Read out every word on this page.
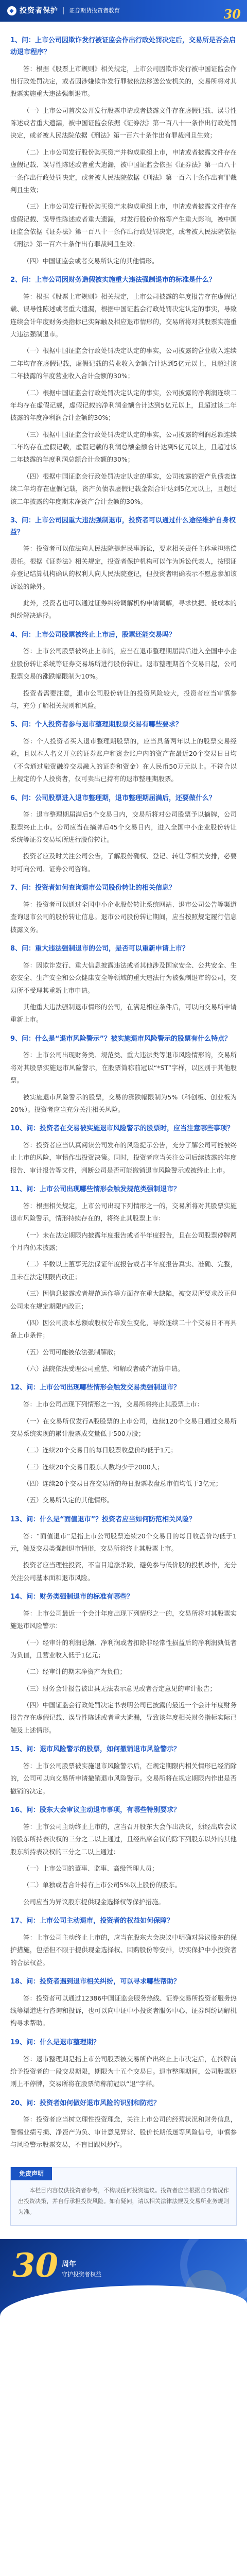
◆ 投资者保护 证券期货投资者教育	30
周年
1、问：上市公司因欺诈发行被证监会作出行政处罚决定后，交易所是否会启动退市程序？

答：根据《股票上市规则》相关规定，上市公司因欺诈发行被中国证监会作出行政处罚决定，或者因涉嫌欺诈发行罪被依法移送公安机关的，交易所将对其股票实施重大违法强制退市。

（一）上市公司首次公开发行股票申请或者披露文件存在虚假记载、误导性陈述或者重大遗漏，被中国证监会依据《证券法》第一百八十一条作出行政处罚决定，或者被人民法院依据《刑法》第一百六十条作出有罪裁判且生效；

（二）上市公司发行股份购买资产并构成重组上市，申请或者披露文件存在虚假记载、误导性陈述或者重大遗漏，被中国证监会依据《证券法》第一百八十一条作出行政处罚决定，或者被人民法院依据《刑法》第一百六十条作出有罪裁判且生效；

（三）上市公司发行股份购买资产未构成重组上市，申请或者披露文件存在虚假记载、误导性陈述或者重大遗漏，对发行股份价格等产生重大影响，被中国证监会依据《证券法》第一百八十一条作出行政处罚决定，或者被人民法院依据《刑法》第一百六十条作出有罪裁判且生效；

（四）中国证监会或者交易所认定的其他情形。

2、问：上市公司因财务造假被实施重大违法强制退市的标准是什么？

答：根据《股票上市规则》相关规定，上市公司披露的年度报告存在虚假记载、误导性陈述或者重大遗漏，根据中国证监会行政处罚决定认定的事实，导致连续会计年度财务类指标已实际触及相应退市情形的，交易所将对其股票实施重大违法强制退市。

（一）根据中国证监会行政处罚决定认定的事实，公司披露的营业收入连续二年均存在虚假记载，虚假记载的营业收入金额合计达到5亿元以上，且超过该二年披露的年度营业收入合计金额的30%；

（二）根据中国证监会行政处罚决定认定的事实，公司披露的净利润连续二年均存在虚假记载，虚假记载的净利润金额合计达到5亿元以上，且超过该二年披露的年度净利润合计金额的30%；

（三）根据中国证监会行政处罚决定认定的事实，公司披露的利润总额连续二年均存在虚假记载，虚假记载的利润总额金额合计达到5亿元以上，且超过该二年披露的年度利润总额合计金额的30%；

（四）根据中国证监会行政处罚决定认定的事实，公司披露的资产负债表连续二年均存在虚假记载，资产负债表虚假记载金额合计达到5亿元以上，且超过该二年披露的年度期末净资产合计金额的30%。

3、问：上市公司因重大违法强制退市，投资者可以通过什么途径维护自身权益？

答：投资者可以依法向人民法院提起民事诉讼，要求相关责任主体承担赔偿责任。根据《证券法》相关规定，投资者保护机构可以作为诉讼代表人，按照证券登记结算机构确认的权利人向人民法院登记，但投资者明确表示不愿意参加该诉讼的除外。

此外，投资者也可以通过证券纠纷调解机构申请调解，寻求快捷、低成本的纠纷解决途径。

4、问：上市公司股票被终止上市后，股票还能交易吗？

答：上市公司股票被终止上市的，应当在退市整理期届满后进入全国中小企业股份转让系统等证券交易场所进行股份转让。退市整理期首个交易日起，公司股票交易的涨跌幅限制为10%。

投资者需要注意，退市公司股份转让的投资风险较大，投资者应当审慎参与，充分了解相关规则和风险。

5、问：个人投资者参与退市整理期股票交易有哪些要求？

答：个人投资者买入退市整理期股票的，应当具备两年以上的股票交易经验，且以本人名义开立的证券账户和资金账户内的资产在最近20个交易日日均（不含通过融资融券交易融入的证券和资金）在人民币50万元以上。不符合以上规定的个人投资者，仅可卖出已持有的退市整理期股票。

6、问：公司股票进入退市整理期，退市整理期届满后，还要做什么？

答：退市整理期届满后5个交易日内，交易所将对公司股票予以摘牌，公司股票终止上市。公司应当在摘牌后45个交易日内，进入全国中小企业股份转让系统等证券交易场所进行股份转让。

投资者应及时关注公司公告，了解股份确权、登记、转让等相关安排，必要时可向公司、证券公司咨询。

7、问：投资者如何查询退市公司股份转让的相关信息？

答：投资者可以通过全国中小企业股份转让系统网站、退市公司公告等渠道查询退市公司的股份转让信息。退市公司股份转让期间，应当按照规定履行信息披露义务。

8、问：重大违法强制退市的公司，是否可以重新申请上市？

答：因欺诈发行、重大信息披露违法或者其他涉及国家安全、公共安全、生态安全、生产安全和公众健康安全等领域的重大违法行为被强制退市的公司，交易所不受理其重新上市申请。

其他重大违法强制退市情形的公司，在满足相应条件后，可以向交易所申请重新上市。

9、问：什么是“退市风险警示”？被实施退市风险警示的股票有什么特点？

答：上市公司出现财务类、规范类、重大违法类等退市风险情形的，交易所将对其股票实施退市风险警示，在股票简称前冠以“*ST”字样，以区别于其他股票。

被实施退市风险警示的股票，交易的涨跌幅限制为5%（科创板、创业板为20%）。投资者应当充分关注相关风险。

10、问：投资者在交易被实施退市风险警示的股票时，应当注意哪些事项？

答：投资者应当认真阅读公司发布的风险提示公告，充分了解公司可能被终止上市的风险，审慎作出投资决策。同时，投资者应当关注公司后续披露的年度报告、审计报告等文件，判断公司是否可能撤销退市风险警示或被终止上市。

11、问：上市公司出现哪些情形会触发规范类强制退市？

答：根据相关规定，上市公司出现下列情形之一的，交易所将对其股票实施退市风险警示，情形持续存在的，将终止其股票上市：

（一）未在法定期限内披露年度报告或者半年度报告，且在公司股票停牌两个月内仍未披露；

（二）半数以上董事无法保证年度报告或者半年度报告真实、准确、完整，且未在法定期限内改正；

（三）因信息披露或者规范运作等方面存在重大缺陷，被交易所要求改正但公司未在规定期限内改正；

（四）因公司股本总额或股权分布发生变化，导致连续二十个交易日不再具备上市条件；

（五）公司可能被依法强制解散；

（六）法院依法受理公司重整、和解或者破产清算申请。

12、问：上市公司出现哪些情形会触发交易类强制退市？

答：上市公司出现下列情形之一的，交易所将终止其股票上市：

（一）在交易所仅发行A股股票的上市公司，连续120个交易日通过交易所交易系统实现的累计股票成交量低于500万股；

（二）连续20个交易日的每日股票收盘价均低于1元；

（三）连续20个交易日股东人数均少于2000人；

（四）连续20个交易日在交易所的每日股票收盘总市值均低于3亿元；

（五）交易所认定的其他情形。

13、问：什么是“面值退市”？投资者应当如何防范相关风险？

答：“面值退市”是指上市公司股票连续20个交易日的每日收盘价均低于1元，触及交易类强制退市情形，交易所将终止其股票上市。

投资者应当理性投资，不盲目追涨杀跌，避免参与低价股的投机炒作，充分关注公司基本面和退市风险。

14、问：财务类强制退市的标准有哪些？

答：上市公司最近一个会计年度出现下列情形之一的，交易所将对其股票实施退市风险警示：

（一）经审计的利润总额、净利润或者扣除非经常性损益后的净利润孰低者为负值，且营业收入低于1亿元；

（二）经审计的期末净资产为负值；

（三）财务会计报告被出具无法表示意见或者否定意见的审计报告；

（四）中国证监会行政处罚决定书表明公司已披露的最近一个会计年度财务报告存在虚假记载、误导性陈述或者重大遗漏，导致该年度相关财务指标实际已触及上述情形。

15、问：退市风险警示的股票，如何撤销退市风险警示？

答：上市公司股票被实施退市风险警示后，在规定期限内相关情形已经消除的，公司可以向交易所申请撤销退市风险警示。交易所将在规定期限内作出是否撤销的决定。

16、问：股东大会审议主动退市事项，有哪些特别要求？

答：上市公司主动终止上市的，应当召开股东大会作出决议，须经出席会议的股东所持表决权的三分之二以上通过，且经出席会议的除下列股东以外的其他股东所持表决权的三分之二以上通过：

（一）上市公司的董事、监事、高级管理人员；

（二）单独或者合计持有上市公司5%以上股份的股东。

公司应当为异议股东提供现金选择权等保护措施。

17、问：上市公司主动退市，投资者的权益如何保障？

答：上市公司主动终止上市的，应当在股东大会决议中明确对异议股东的保护措施，包括但不限于提供现金选择权、回购股份等安排，切实保护中小投资者的合法权益。

18、问：投资者遇到退市相关纠纷，可以寻求哪些帮助？

答：投资者可以通过12386中国证监会服务热线、证券交易所投资者服务热线等渠道进行咨询和投诉，也可以向中证中小投资者服务中心、证券纠纷调解机构寻求帮助。

19、问：什么是退市整理期？

答：退市整理期是指上市公司股票被交易所作出终止上市决定后，在摘牌前给予投资者的一段交易期限，期限为十五个交易日。退市整理期间，公司股票原则上不停牌，交易所将在股票简称前冠以“退”字样。

20、问：投资者如何做好退市风险的识别和防范？

答：投资者应当树立理性投资理念，关注上市公司的经营状况和财务信息，警惕业绩亏损、净资产为负、审计意见异常、股价长期低迷等风险信号，审慎参与风险警示股票交易，不盲目跟风炒作。

免责声明

本栏目内容仅供投资者参考，不构成任何投资建议。投资者应当根据自身情况作出投资决策，并自行承担投资风险。如有疑问，请以相关法律法规及交易所业务规则为准。

30 周年
守护投资者权益
